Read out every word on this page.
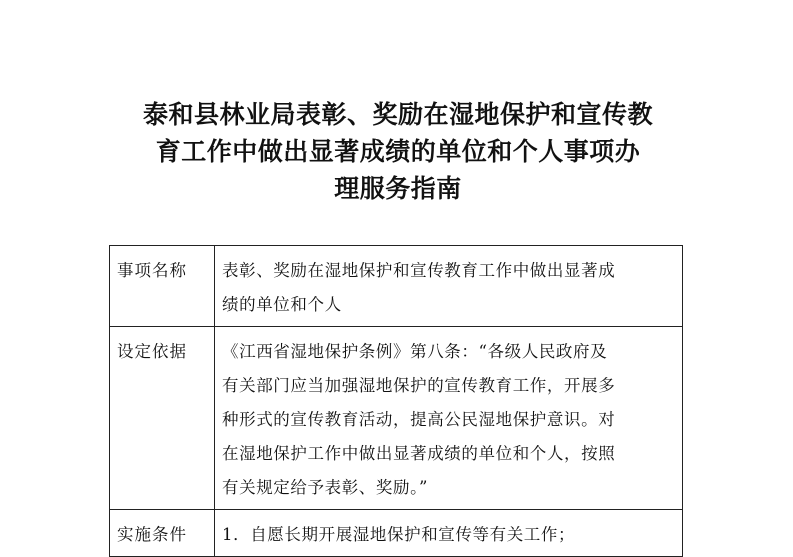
泰和县林业局表彰、奖励在湿地保护和宣传教
育工作中做出显著成绩的单位和个人事项办
理服务指南
事项名称	表彰、奖励在湿地保护和宣传教育工作中做出显著成
绩的单位和个人

设定依据	《江西省湿地保护条例》第八条：“各级人民政府及
有关部门应当加强湿地保护的宣传教育工作，开展多
种形式的宣传教育活动，提高公民湿地保护意识。对
在湿地保护工作中做出显著成绩的单位和个人，按照
有关规定给予表彰、奖励。”

实施条件	1．自愿长期开展湿地保护和宣传等有关工作；
